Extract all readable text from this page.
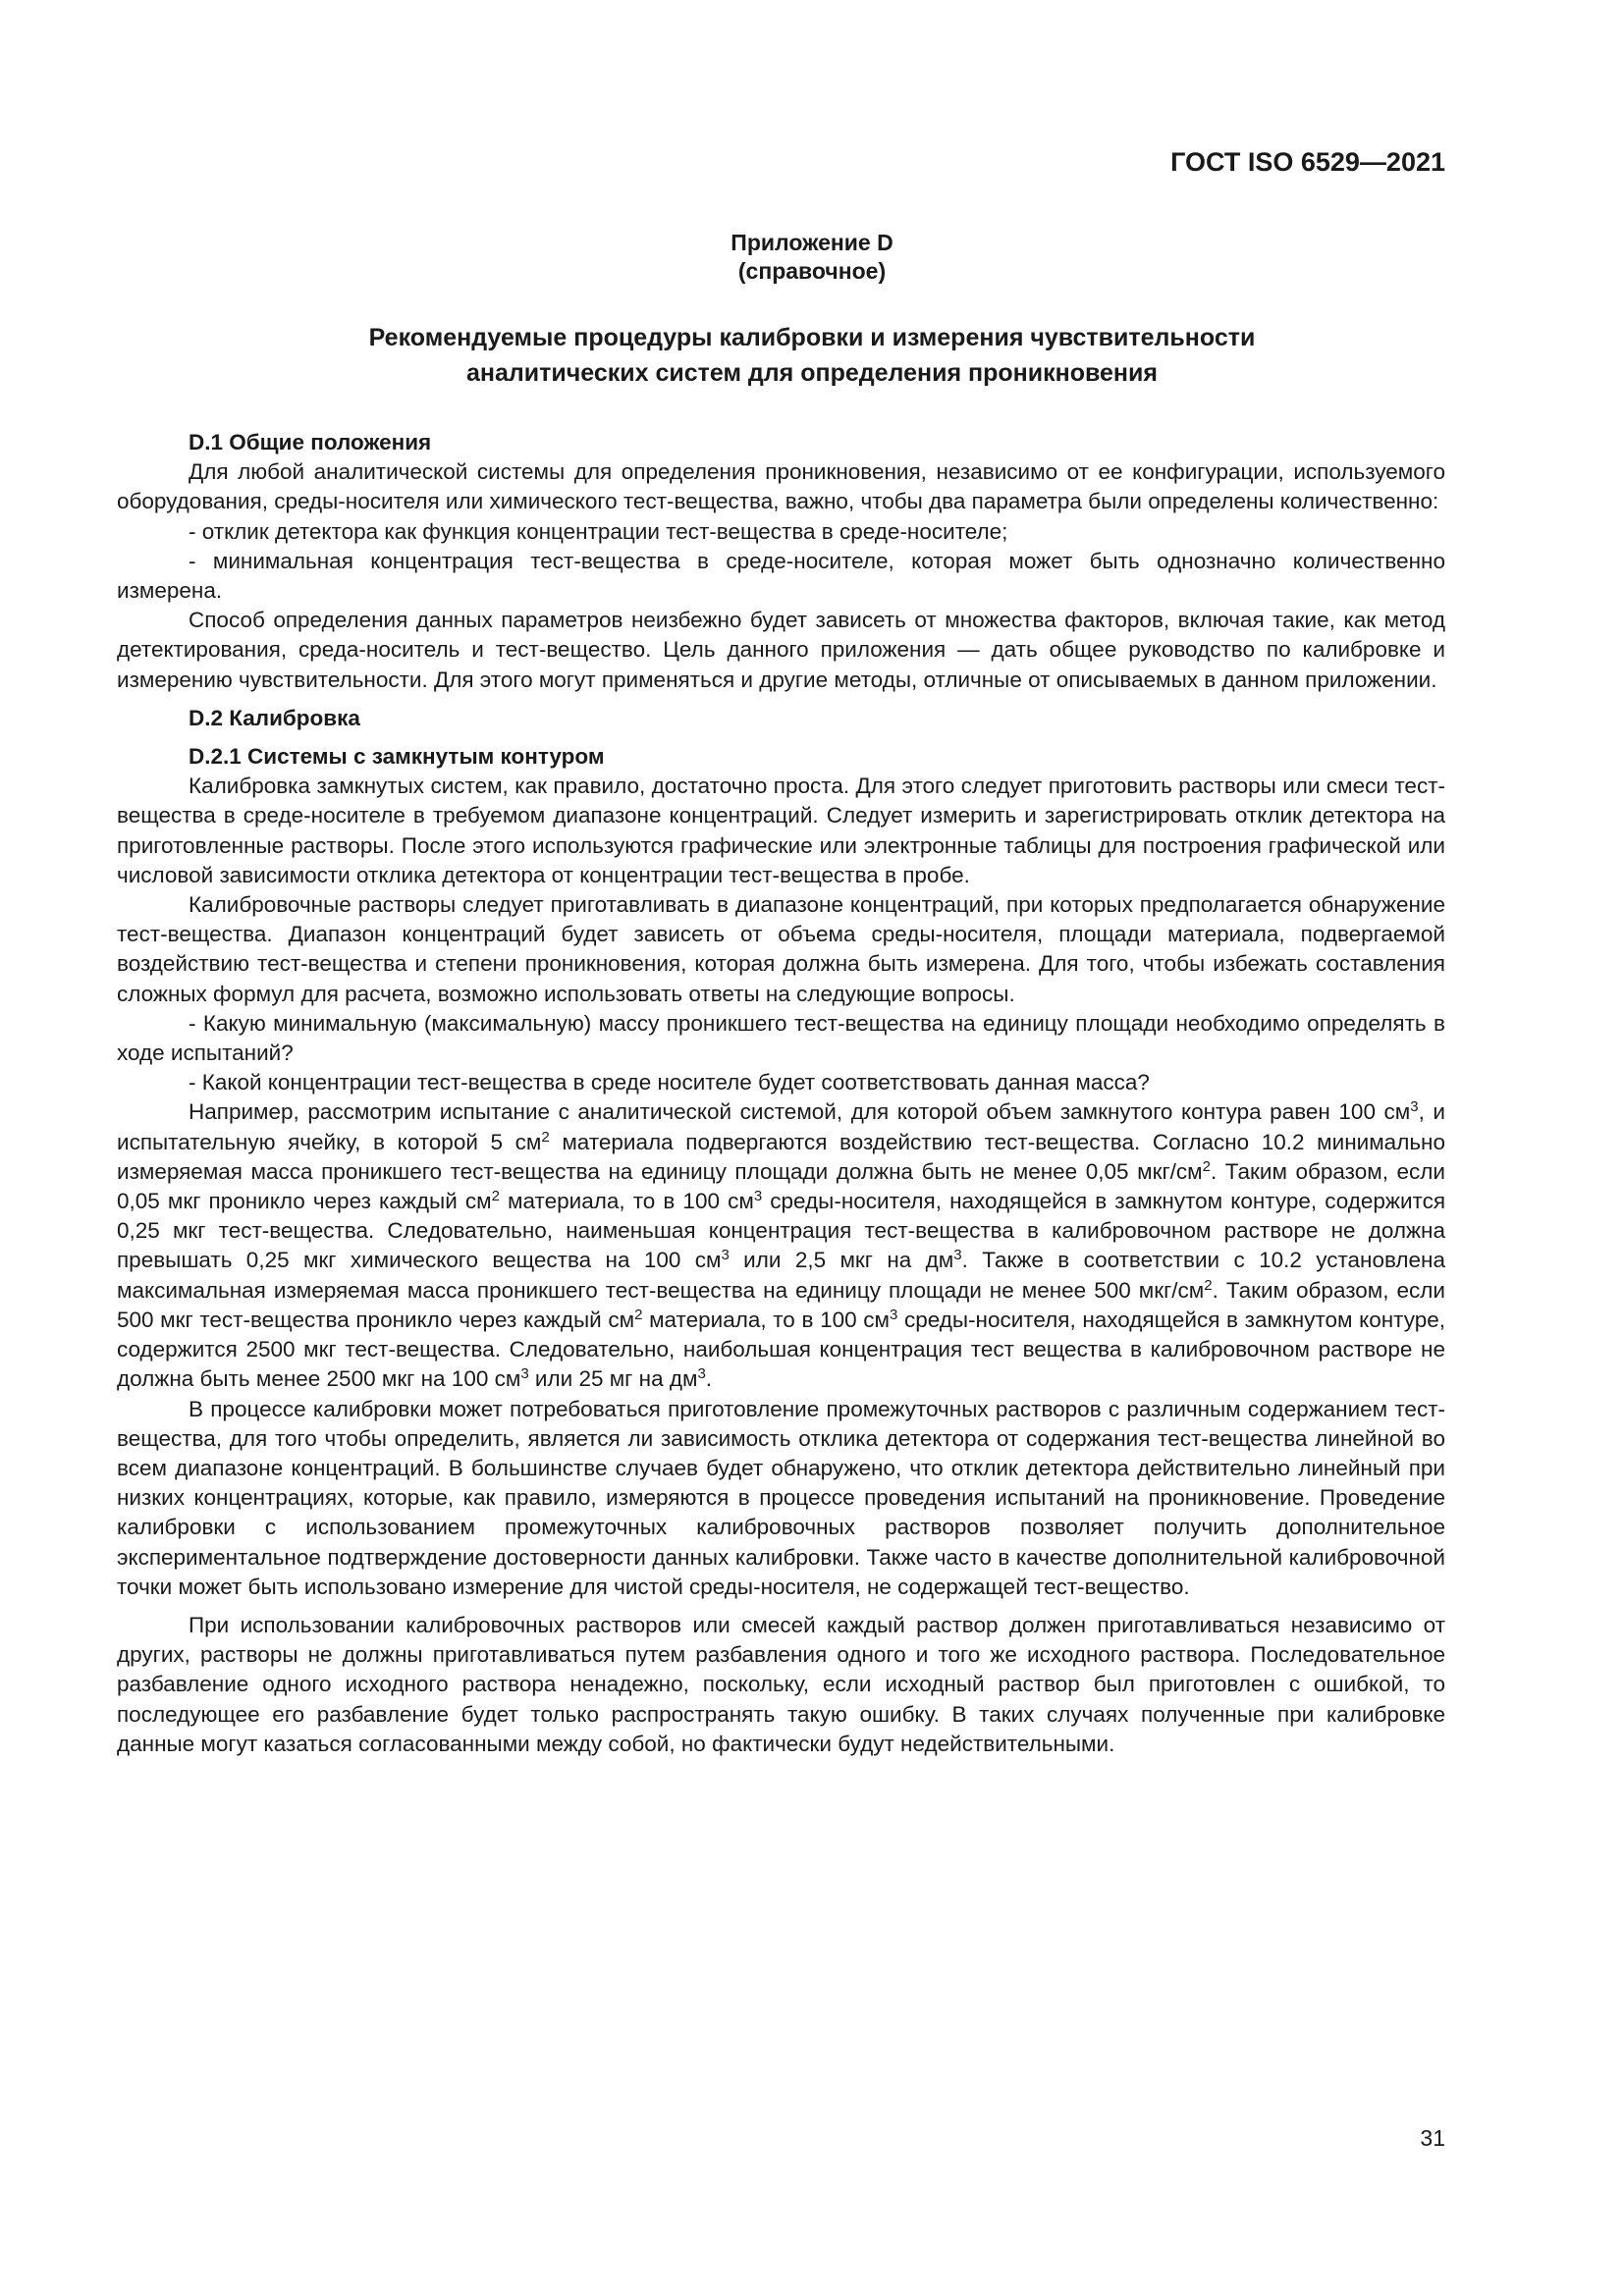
ГОСТ ISO 6529—2021

Приложение D
(справочное)
Рекомендуемые процедуры калибровки и измерения чувствительности
аналитических систем для определения проникновения
D.1 Общие положения

Для любой аналитической системы для определения проникновения, независимо от ее конфигурации, используемого оборудования, среды-носителя или химического тест-вещества, важно, чтобы два параметра были определены количественно:

- отклик детектора как функция концентрации тест-вещества в среде-носителе;

- минимальная концентрация тест-вещества в среде-носителе, которая может быть однозначно количественно измерена.

Способ определения данных параметров неизбежно будет зависеть от множества факторов, включая такие, как метод детектирования, среда-носитель и тест-вещество. Цель данного приложения — дать общее руководство по калибровке и измерению чувствительности. Для этого могут применяться и другие методы, отличные от описываемых в данном приложении.

D.2 Калибровка
D.2.1 Системы с замкнутым контуром

Калибровка замкнутых систем, как правило, достаточно проста. Для этого следует приготовить растворы или смеси тест-вещества в среде-носителе в требуемом диапазоне концентраций. Следует измерить и зарегистрировать отклик детектора на приготовленные растворы. После этого используются графические или электронные таблицы для построения графической или числовой зависимости отклика детектора от концентрации тест-вещества в пробе.

Калибровочные растворы следует приготавливать в диапазоне концентраций, при которых предполагается обнаружение тест-вещества. Диапазон концентраций будет зависеть от объема среды-носителя, площади материала, подвергаемой воздействию тест-вещества и степени проникновения, которая должна быть измерена. Для того, чтобы избежать составления сложных формул для расчета, возможно использовать ответы на следующие вопросы.

- Какую минимальную (максимальную) массу проникшего тест-вещества на единицу площади необходимо определять в ходе испытаний?

- Какой концентрации тест-вещества в среде носителе будет соответствовать данная масса?

Например, рассмотрим испытание с аналитической системой, для которой объем замкнутого контура равен 100 $см^3$, и испытательную ячейку, в которой 5 $см^2$ материала подвергаются воздействию тест-вещества. Согласно 10.2 минимально измеряемая масса проникшего тест-вещества на единицу площади должна быть не менее 0,05 мкг/$см^2$. Таким образом, если 0,05 мкг проникло через каждый $см^2$ материала, то в 100 $см^3$ среды-носителя, находящейся в замкнутом контуре, содержится 0,25 мкг тест-вещества. Следовательно, наименьшая концентрация тест-вещества в калибровочном растворе не должна превышать 0,25 мкг химического вещества на 100 $см^3$ или 2,5 мкг на $дм^3$. Также в соответствии с 10.2 установлена максимальная измеряемая масса проникшего тест-вещества на единицу площади не менее 500 мкг/$см^2$. Таким образом, если 500 мкг тест-вещества проникло через каждый $см^2$ материала, то в 100 $см^3$ среды-носителя, находящейся в замкнутом контуре, содержится 2500 мкг тест-вещества. Следовательно, наибольшая концентрация тест вещества в калибровочном растворе не должна быть менее 2500 мкг на 100 $см^3$ или 25 мг на $дм^3$.

В процессе калибровки может потребоваться приготовление промежуточных растворов с различным содержанием тест-вещества, для того чтобы определить, является ли зависимость отклика детектора от содержания тест-вещества линейной во всем диапазоне концентраций. В большинстве случаев будет обнаружено, что отклик детектора действительно линейный при низких концентрациях, которые, как правило, измеряются в процессе проведения испытаний на проникновение. Проведение калибровки с использованием промежуточных калибровочных растворов позволяет получить дополнительное экспериментальное подтверждение достоверности данных калибровки. Также часто в качестве дополнительной калибровочной точки может быть использовано измерение для чистой среды-носителя, не содержащей тест-вещество.

При использовании калибровочных растворов или смесей каждый раствор должен приготавливаться независимо от других, растворы не должны приготавливаться путем разбавления одного и того же исходного раствора. Последовательное разбавление одного исходного раствора ненадежно, поскольку, если исходный раствор был приготовлен с ошибкой, то последующее его разбавление будет только распространять такую ошибку. В таких случаях полученные при калибровке данные могут казаться согласованными между собой, но фактически будут недействительными.

31
